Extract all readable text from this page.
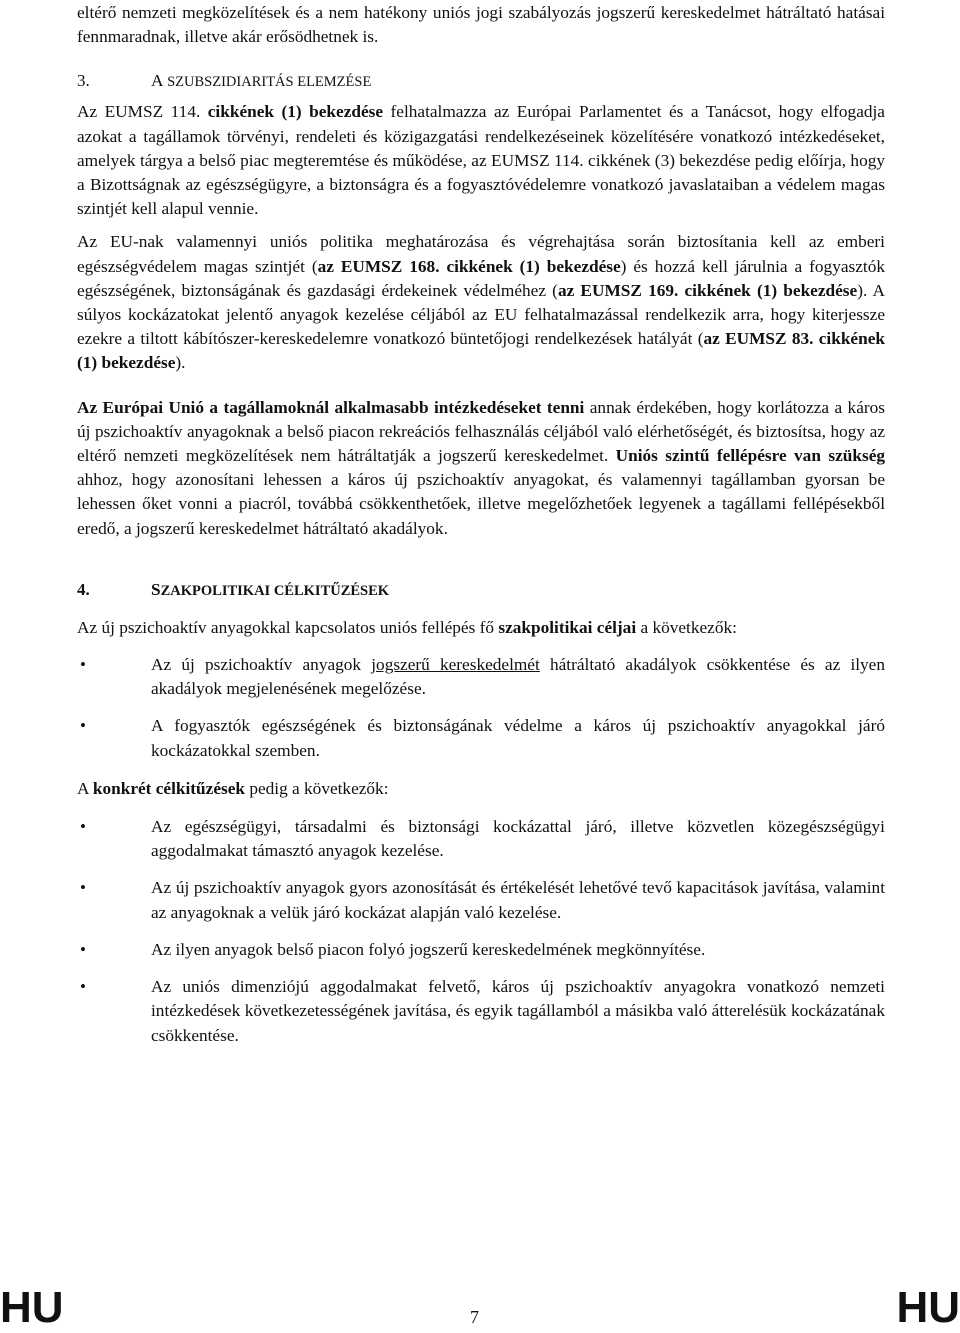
eltérő nemzeti megközelítések és a nem hatékony uniós jogi szabályozás jogszerű kereskedelmet hátráltató hatásai fennmaradnak, illetve akár erősödhetnek is.

3.	A SZUBSZIDIARITÁS ELEMZÉSE

Az EUMSZ 114. cikkének (1) bekezdése felhatalmazza az Európai Parlamentet és a Tanácsot, hogy elfogadja azokat a tagállamok törvényi, rendeleti és közigazgatási rendelkezéseinek közelítésére vonatkozó intézkedéseket, amelyek tárgya a belső piac megteremtése és működése, az EUMSZ 114. cikkének (3) bekezdése pedig előírja, hogy a Bizottságnak az egészségügyre, a biztonságra és a fogyasztóvédelemre vonatkozó javaslataiban a védelem magas szintjét kell alapul vennie.

Az EU-nak valamennyi uniós politika meghatározása és végrehajtása során biztosítania kell az emberi egészségvédelem magas szintjét (az EUMSZ 168. cikkének (1) bekezdése) és hozzá kell járulnia a fogyasztók egészségének, biztonságának és gazdasági érdekeinek védelméhez (az EUMSZ 169. cikkének (1) bekezdése). A súlyos kockázatokat jelentő anyagok kezelése céljából az EU felhatalmazással rendelkezik arra, hogy kiterjessze ezekre a tiltott kábítószer-kereskedelemre vonatkozó büntetőjogi rendelkezések hatályát (az EUMSZ 83. cikkének (1) bekezdése).

Az Európai Unió a tagállamoknál alkalmasabb intézkedéseket tenni annak érdekében, hogy korlátozza a káros új pszichoaktív anyagoknak a belső piacon rekreációs felhasználás céljából való elérhetőségét, és biztosítsa, hogy az eltérő nemzeti megközelítések nem hátráltatják a jogszerű kereskedelmet. Uniós szintű fellépésre van szükség ahhoz, hogy azonosítani lehessen a káros új pszichoaktív anyagokat, és valamennyi tagállamban gyorsan be lehessen őket vonni a piacról, továbbá csökkenthetőek, illetve megelőzhetőek legyenek a tagállami fellépésekből eredő, a jogszerű kereskedelmet hátráltató akadályok.

4.	SZAKPOLITIKAI CÉLKITŰZÉSEK

Az új pszichoaktív anyagokkal kapcsolatos uniós fellépés fő szakpolitikai céljai a következők:

•	Az új pszichoaktív anyagok jogszerű kereskedelmét hátráltató akadályok csökkentése és az ilyen akadályok megjelenésének megelőzése.
•	A fogyasztók egészségének és biztonságának védelme a káros új pszichoaktív anyagokkal járó kockázatokkal szemben.

A konkrét célkitűzések pedig a következők:

•	Az egészségügyi, társadalmi és biztonsági kockázattal járó, illetve közvetlen közegészségügyi aggodalmakat támasztó anyagok kezelése.
•	Az új pszichoaktív anyagok gyors azonosítását és értékelését lehetővé tevő kapacitások javítása, valamint az anyagoknak a velük járó kockázat alapján való kezelése.
•	Az ilyen anyagok belső piacon folyó jogszerű kereskedelmének megkönnyítése.
•	Az uniós dimenziójú aggodalmakat felvető, káros új pszichoaktív anyagokra vonatkozó nemzeti intézkedések következetességének javítása, és egyik tagállamból a másikba való átterelésük kockázatának csökkentése.
HU	7	HU
